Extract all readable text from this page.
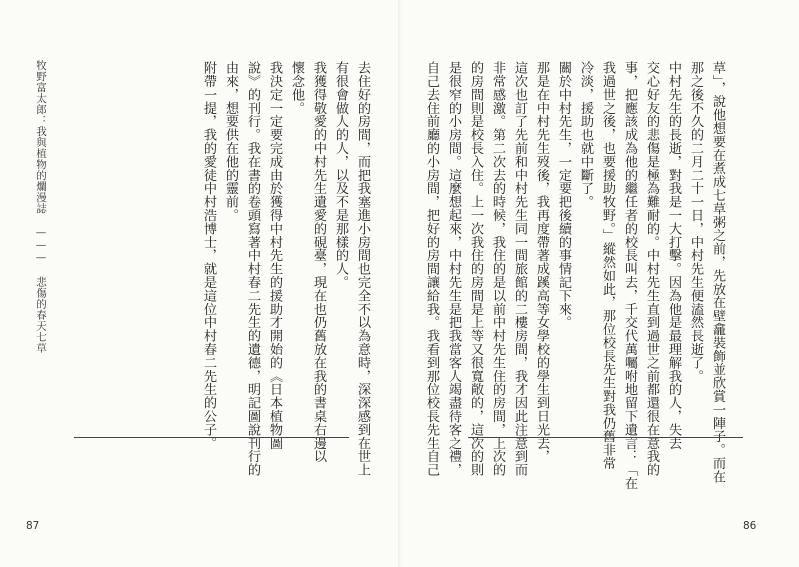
牧野富太郎：我與植物的爛漫誌 ——— 悲傷的春天七草	去住好的房間，而把我塞進小房間也完全不以為意時，深深感到在世上
有很會做人的人，以及不是那樣的人。
我獲得敬愛的中村先生遺愛的硯臺，現在也仍舊放在我的書桌右邊以
懷念他。
我決定一定要完成由於獲得中村先生的援助才開始的《日本植物圖
說》的刊行。我在書的卷頭寫著中村春二先生的遺德，明記圖說刊行的
由來，想要供在他的靈前。
附帶一提，我的愛徒中村浩博士，就是這位中村春二先生的公子。	草」，說他想要在煮成七草粥之前，先放在壁龕裝飾並欣賞一陣子。而在
那之後不久的二月二十一日，中村先生便溘然長逝了。
中村先生的長逝，對我是一大打擊。因為他是最理解我的人，失去
交心好友的悲傷是極為難耐的。中村先生直到過世之前都還很在意我的
事，把應該成為他的繼任者的校長叫去，千交代萬囑咐地留下遺言：「在
我過世之後，也要援助牧野。」縱然如此，那位校長先生對我仍舊非常
冷淡，援助也就中斷了。
關於中村先生，一定要把後續的事情記下來。
那是在中村先生歿後，我再度帶著成蹊高等女學校的學生到日光去，
這次也訂了先前和中村先生同一間旅館的二樓房間，我才因此注意到而
非常感激。第二次去的時候，我住的是以前中村先生住的房間，上次的
的房間則是校長入住。上一次我住的房間是上等又很寬敞的，這次的則
是很窄的小房間。這麼想起來，中村先生是把我當客人竭盡待客之禮，
自己去住前廳的小房間，把好的房間讓給我。我看到那位校長先生自己
87	86
